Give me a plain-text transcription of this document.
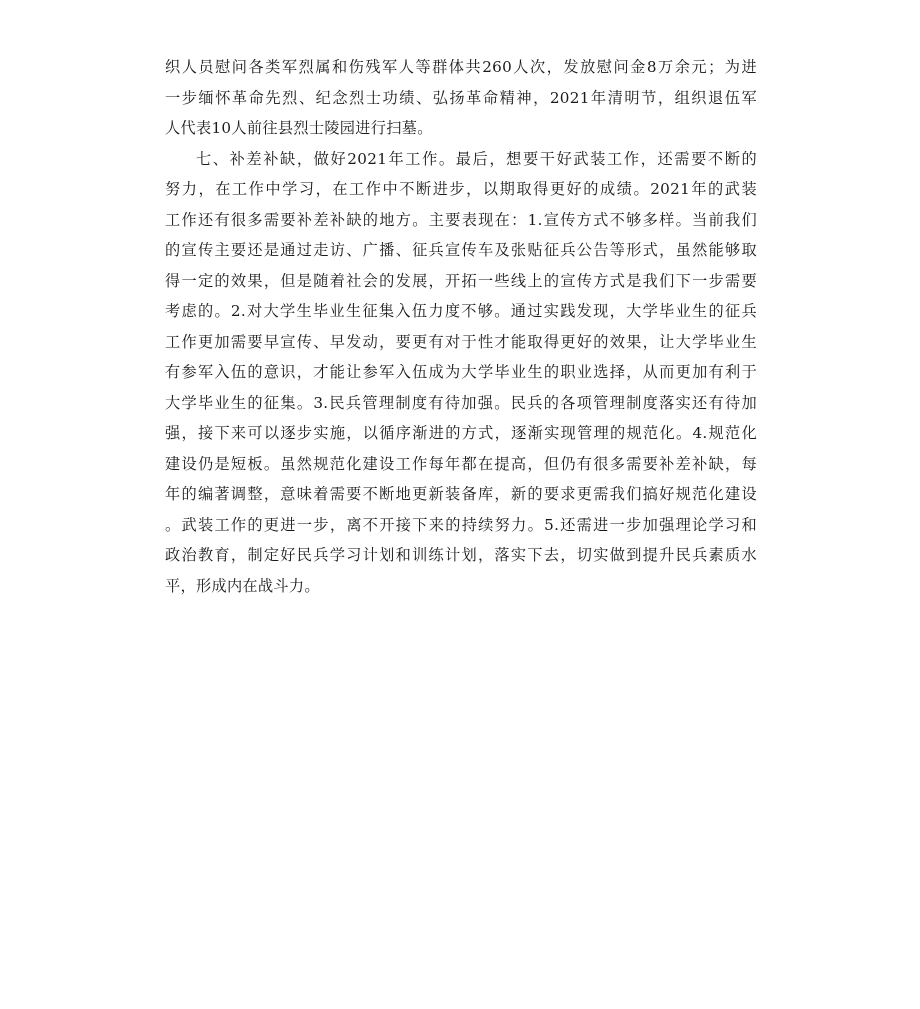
织人员慰问各类军烈属和伤残军人等群体共260人次，发放慰问金8万余元；为进
一步缅怀革命先烈、纪念烈士功绩、弘扬革命精神，2021年清明节，组织退伍军
人代表10人前往县烈士陵园进行扫墓。
七、补差补缺，做好2021年工作。最后，想要干好武装工作，还需要不断的
努力，在工作中学习，在工作中不断进步，以期取得更好的成绩。2021年的武装
工作还有很多需要补差补缺的地方。主要表现在：1.宣传方式不够多样。当前我们
的宣传主要还是通过走访、广播、征兵宣传车及张贴征兵公告等形式，虽然能够取
得一定的效果，但是随着社会的发展，开拓一些线上的宣传方式是我们下一步需要
考虑的。2.对大学生毕业生征集入伍力度不够。通过实践发现，大学毕业生的征兵
工作更加需要早宣传、早发动，要更有对于性才能取得更好的效果，让大学毕业生
有参军入伍的意识，才能让参军入伍成为大学毕业生的职业选择，从而更加有利于
大学毕业生的征集。3.民兵管理制度有待加强。民兵的各项管理制度落实还有待加
强，接下来可以逐步实施，以循序渐进的方式，逐渐实现管理的规范化。4.规范化
建设仍是短板。虽然规范化建设工作每年都在提高，但仍有很多需要补差补缺，每
年的编著调整，意味着需要不断地更新装备库，新的要求更需我们搞好规范化建设
。武装工作的更进一步，离不开接下来的持续努力。5.还需进一步加强理论学习和
政治教育，制定好民兵学习计划和训练计划，落实下去，切实做到提升民兵素质水
平，形成内在战斗力。
